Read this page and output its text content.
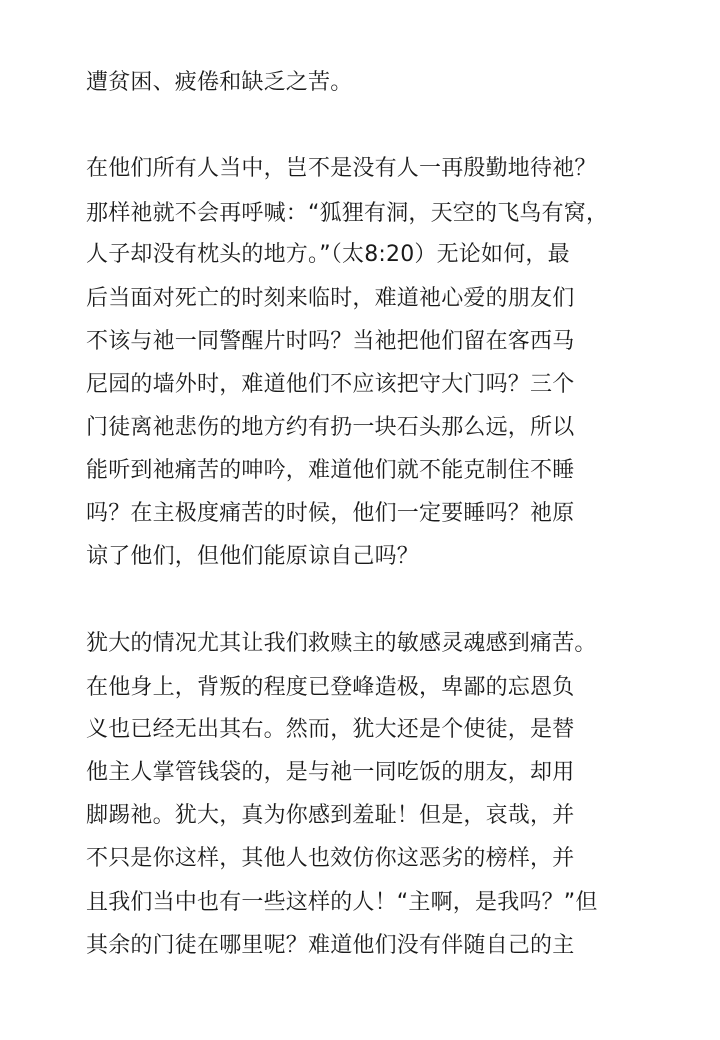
遭贫困、疲倦和缺乏之苦。
在他们所有人当中，岂不是没有人一再殷勤地待祂？
那样祂就不会再呼喊：“狐狸有洞，天空的飞鸟有窝，
人子却没有枕头的地方。”（太8:20）无论如何，最
后当面对死亡的时刻来临时，难道祂心爱的朋友们
不该与祂一同警醒片时吗？当祂把他们留在客西马
尼园的墙外时，难道他们不应该把守大门吗？三个
门徒离祂悲伤的地方约有扔一块石头那么远，所以
能听到祂痛苦的呻吟，难道他们就不能克制住不睡
吗？在主极度痛苦的时候，他们一定要睡吗？祂原
谅了他们，但他们能原谅自己吗？
犹大的情况尤其让我们救赎主的敏感灵魂感到痛苦。
在他身上，背叛的程度已登峰造极，卑鄙的忘恩负
义也已经无出其右。然而，犹大还是个使徒，是替
他主人掌管钱袋的，是与祂一同吃饭的朋友，却用
脚踢祂。犹大，真为你感到羞耻！但是，哀哉，并
不只是你这样，其他人也效仿你这恶劣的榜样，并
且我们当中也有一些这样的人！“主啊，是我吗？”但
其余的门徒在哪里呢？难道他们没有伴随自己的主
